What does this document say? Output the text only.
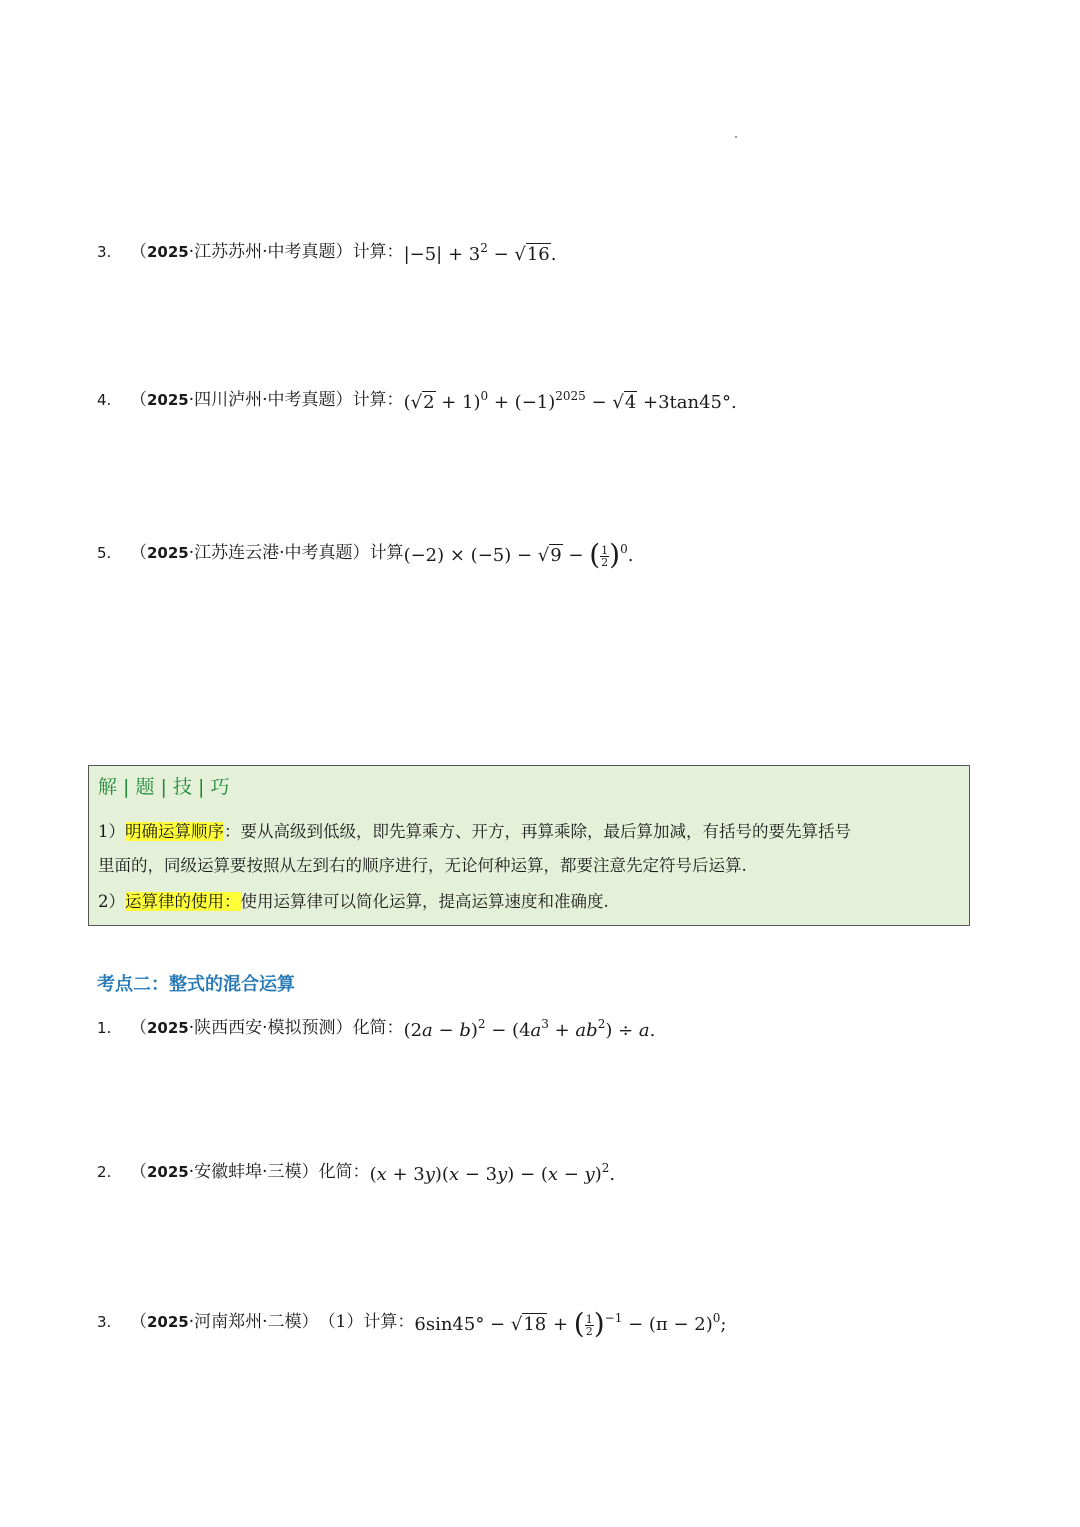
3.	（2025·江苏苏州·中考真题） 计算： $|-5| + 3^2 - √16$.
4.	（2025·四川泸州·中考真题） 计算： $(√2 + 1)^0 + (-1)^{2025} - √4 +3\tan 45^\circ$.
5.	（2025·江苏连云港·中考真题） 计算 (−2) × (−5) − √9 − ( $\frac{1}{2} )^0$.
解 | 题 | 技 | 巧
1）明确运算顺序：要从高级到低级，即先算乘方、开方，再算乘除，最后算加减，有括号的要先算括号
里面的，同级运算要按照从左到右的顺序进行，无论何种运算，都要注意先定符号后运算.
2）运算律的使用：使用运算律可以简化运算，提高运算速度和准确度.
考点二：整式的混合运算
1.	（2025·陕西西安·模拟预测） 化简： $(2a - b)^2 - (4a^3 + ab^2) \div a$.
2.	（2025·安徽蚌埠·三模） 化简： $(x + 3y)(x - 3y) - (x - y)^2$.
3.	（2025·河南郑州·二模） （1）计算： 6sin45° − √18 + ( $\frac{1}{2} )^{-1} - (\pi - 2)^0$;
